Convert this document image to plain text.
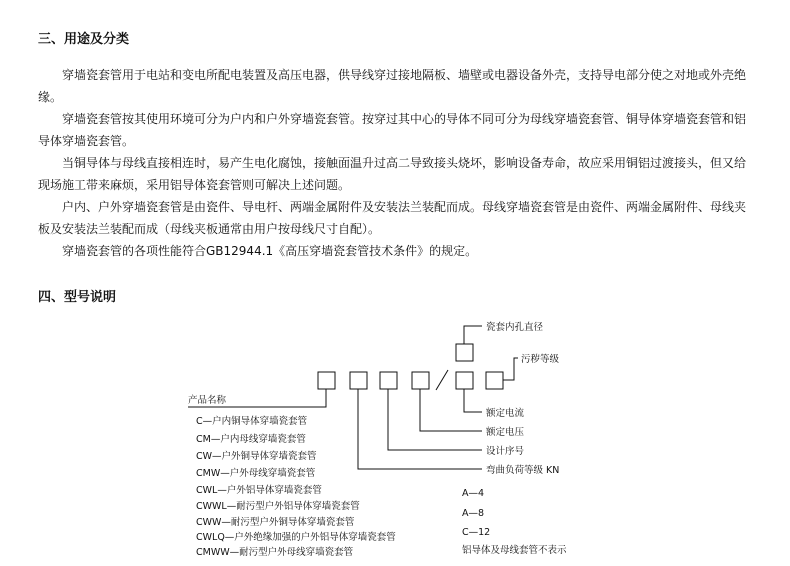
三、用途及分类

穿墙瓷套管用于电站和变电所配电装置及高压电器，供导线穿过接地隔板、墙壁或电器设备外壳，支持导电部分使之对地或外壳绝缘。

穿墙瓷套管按其使用环境可分为户内和户外穿墙瓷套管。按穿过其中心的导体不同可分为母线穿墙瓷套管、铜导体穿墙瓷套管和铝导体穿墙瓷套管。

当铜导体与母线直接相连时，易产生电化腐蚀，接触面温升过高二导致接头烧坏，影响设备寿命，故应采用铜铝过渡接头，但又给现场施工带来麻烦，采用铝导体瓷套管则可解决上述问题。

户内、户外穿墙瓷套管是由瓷件、导电杆、两端金属附件及安装法兰装配而成。母线穿墙瓷套管是由瓷件、两端金属附件、母线夹板及安装法兰装配而成（母线夹板通常由用户按母线尺寸自配）。

穿墙瓷套管的各项性能符合GB12944.1《高压穿墙瓷套管技术条件》的规定。

四、型号说明
产品名称
C—户内铜导体穿墙瓷套管
CM—户内母线穿墙瓷套管
CW—户外铜导体穿墙瓷套管
CMW—户外母线穿墙瓷套管
CWL—户外铝导体穿墙瓷套管
CWWL—耐污型户外铝导体穿墙瓷套管
CWW—耐污型户外铜导体穿墙瓷套管
CWLQ—户外绝缘加强的户外铝导体穿墙瓷套管
CMWW—耐污型户外母线穿墙瓷套管
瓷套内孔直径
污秽等级
额定电流
额定电压
设计序号
弯曲负荷等级 KN
A—4
A—8
C—12
铝导体及母线套管不表示
